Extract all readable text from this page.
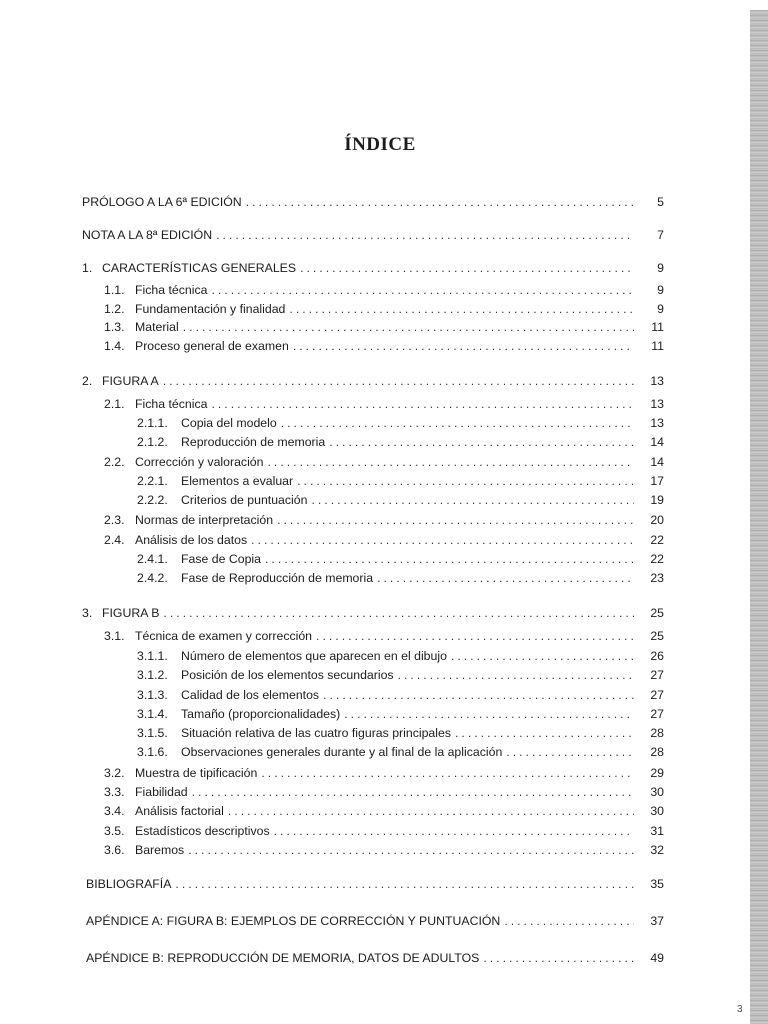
ÍNDICE
PRÓLOGO A LA 6ª EDICIÓN .....	5
NOTA A LA 8ª EDICIÓN .....	7
1. CARACTERÍSTICAS GENERALES .....	9
1.1. Ficha técnica .....	9
1.2. Fundamentación y finalidad .....	9
1.3. Material .....	11
1.4. Proceso general de examen .....	11
2. FIGURA A .....	13
2.1. Ficha técnica .....	13
2.1.1. Copia del modelo .....	13
2.1.2. Reproducción de memoria .....	14
2.2. Corrección y valoración .....	14
2.2.1. Elementos a evaluar .....	17
2.2.2. Criterios de puntuación .....	19
2.3. Normas de interpretación .....	20
2.4. Análisis de los datos .....	22
2.4.1. Fase de Copia .....	22
2.4.2. Fase de Reproducción de memoria .....	23
3. FIGURA B .....	25
3.1. Técnica de examen y corrección .....	25
3.1.1. Número de elementos que aparecen en el dibujo .....	26
3.1.2. Posición de los elementos secundarios .....	27
3.1.3. Calidad de los elementos .....	27
3.1.4. Tamaño (proporcionalidades) .....	27
3.1.5. Situación relativa de las cuatro figuras principales .....	28
3.1.6. Observaciones generales durante y al final de la aplicación .....	28
3.2. Muestra de tipificación .....	29
3.3. Fiabilidad .....	30
3.4. Análisis factorial .....	30
3.5. Estadísticos descriptivos .....	31
3.6. Baremos .....	32
BIBLIOGRAFÍA .....	35
APÉNDICE A: FIGURA B: EJEMPLOS DE CORRECCIÓN Y PUNTUACIÓN .....	37
APÉNDICE B: REPRODUCCIÓN DE MEMORIA, DATOS DE ADULTOS .....	49
3
